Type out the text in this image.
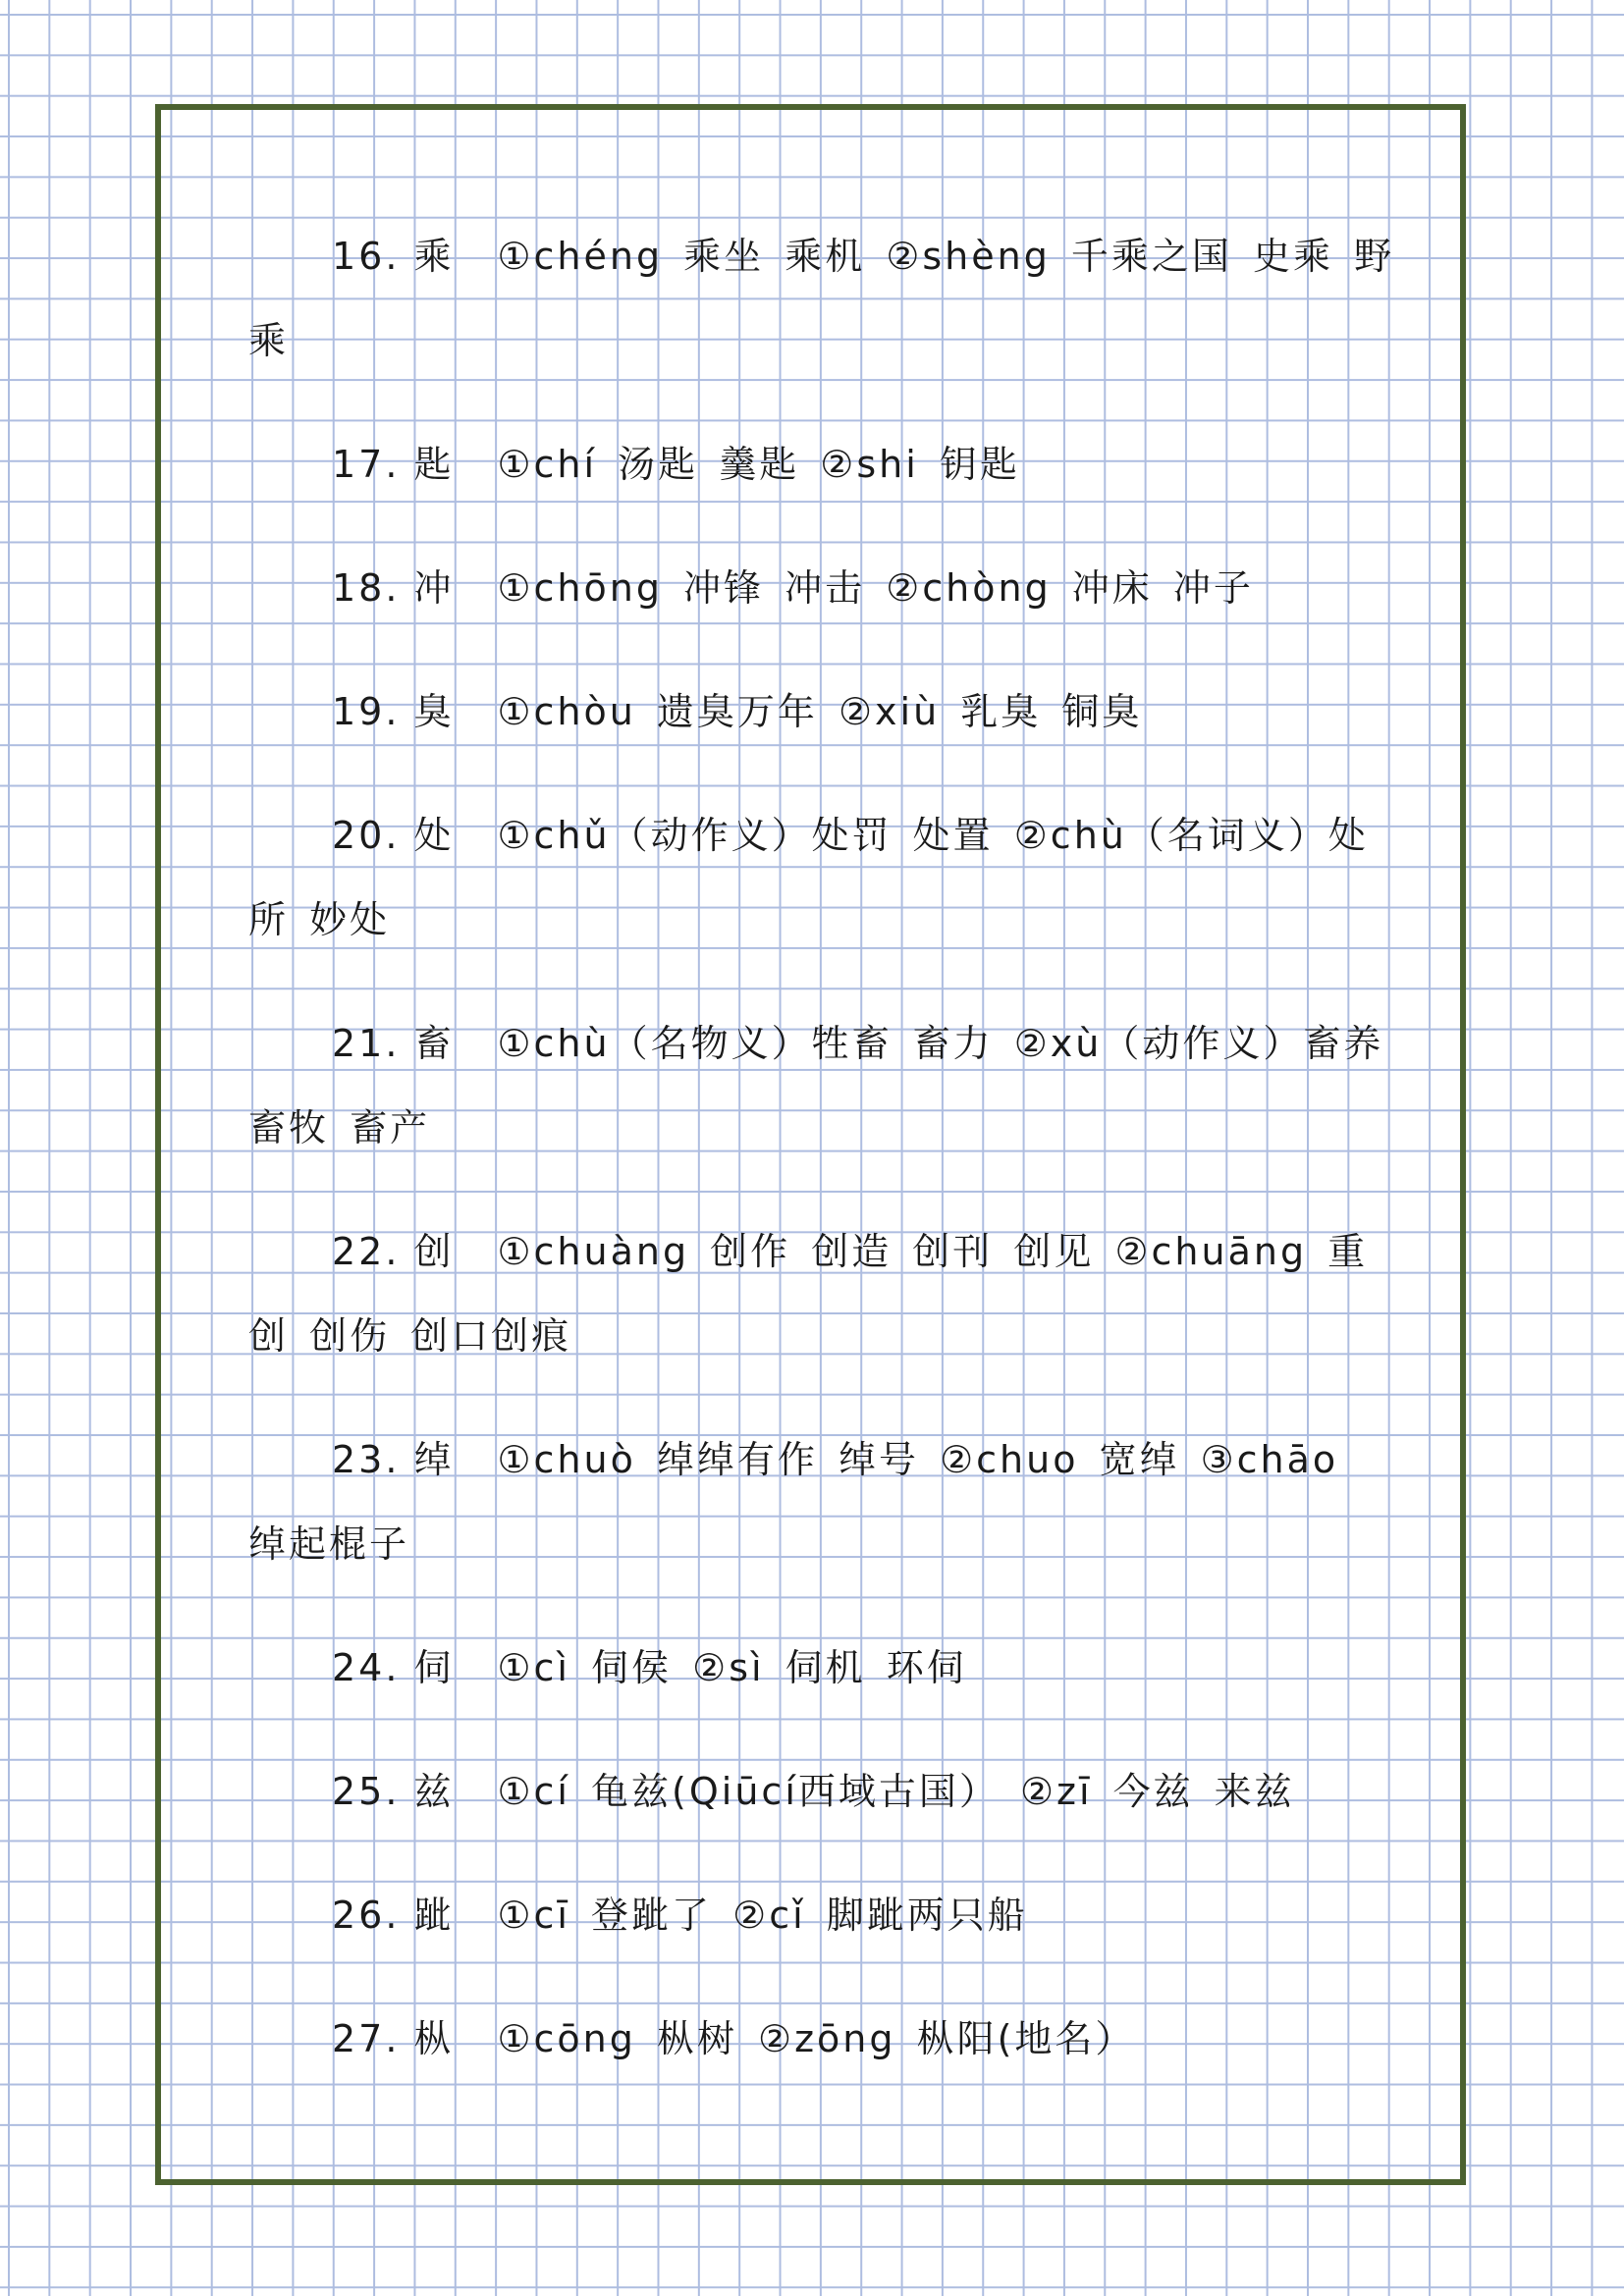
16. 乘 ①chéng 乘坐 乘机 ②shèng 千乘之国 史乘 野乘

17. 匙 ①chí 汤匙 羹匙 ②shi 钥匙

18. 冲 ①chōng 冲锋 冲击 ②chòng 冲床 冲子

19. 臭 ①chòu 遗臭万年 ②xiù 乳臭 铜臭

20. 处 ①chǔ（动作义）处罚 处置 ②chù（名词义）处所 妙处

21. 畜 ①chù（名物义）牲畜 畜力 ②xù（动作义）畜养 畜牧 畜产

22. 创 ①chuàng 创作 创造 创刊 创见 ②chuāng 重创 创伤 创口创痕

23. 绰 ①chuò 绰绰有作 绰号 ②chuo 宽绰 ③chāo 绰起棍子

24. 伺 ①cì 伺侯 ②sì 伺机 环伺

25. 兹 ①cí 龟兹(Qiūcí西域古国） ②zī 今兹 来兹

26. 跐 ①cī 登跐了 ②cǐ 脚跐两只船

27. 枞 ①cōng 枞树 ②zōng 枞阳(地名）
